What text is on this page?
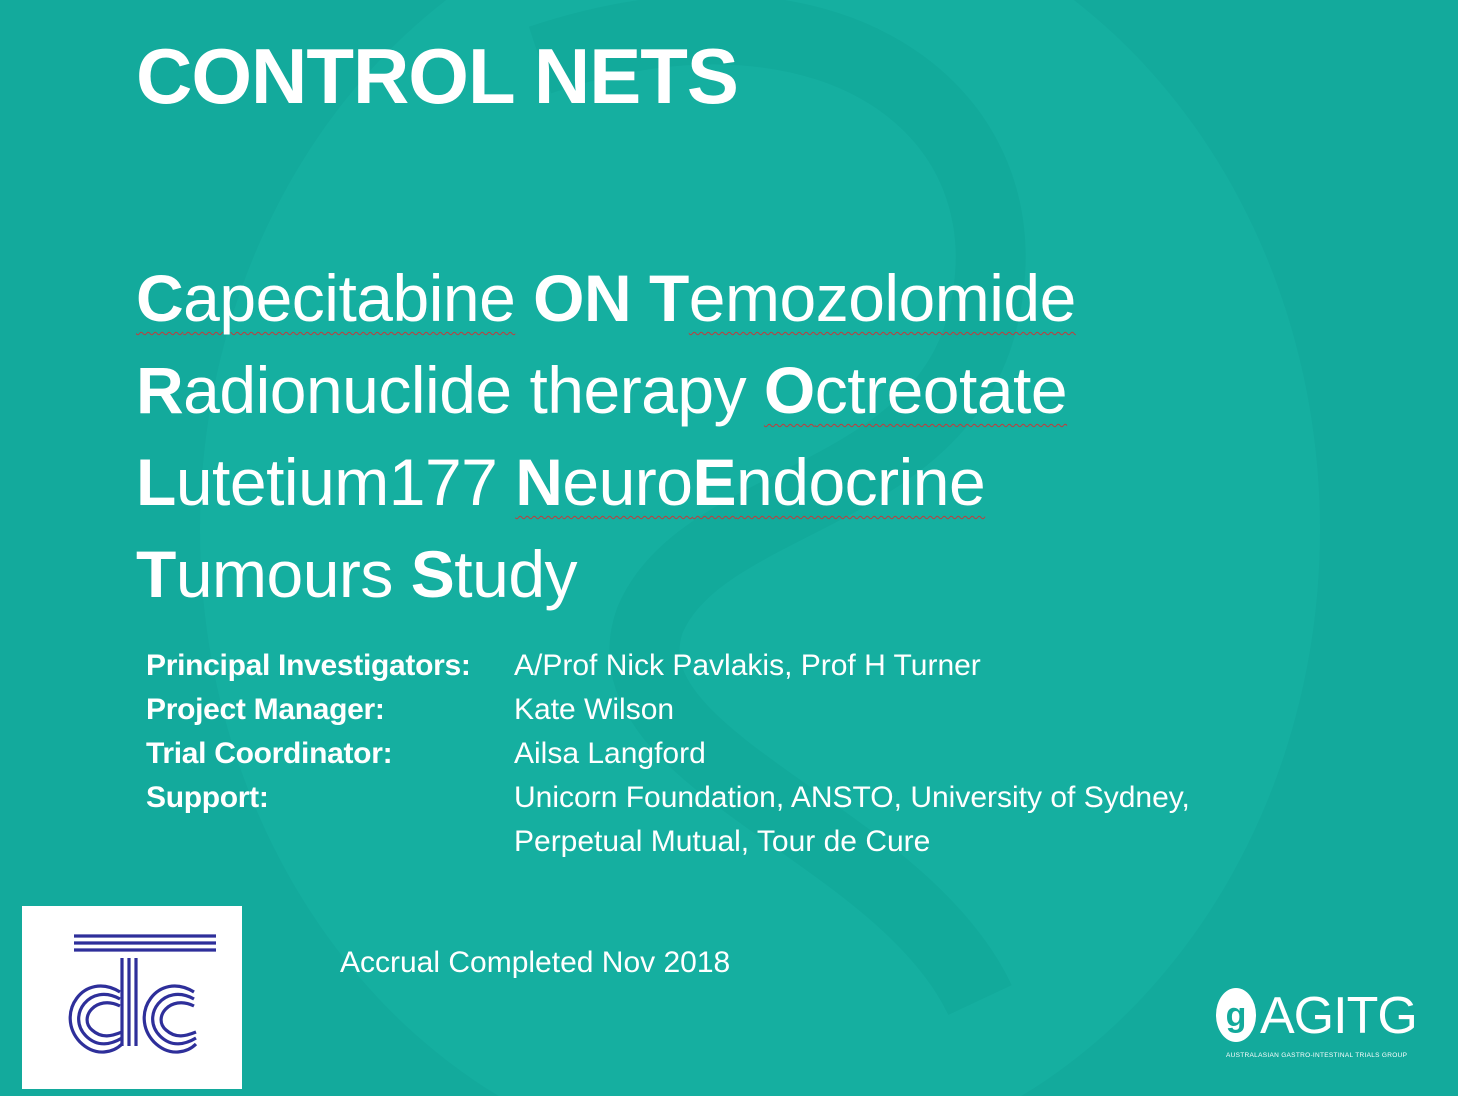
CONTROL NETS
Capecitabine ON Temozolomide
Radionuclide therapy Octreotate
Lutetium177 NeuroEndocrine
Tumours Study
Principal Investigators:	A/Prof Nick Pavlakis, Prof H Turner
Project Manager:	Kate Wilson
Trial Coordinator:	Ailsa Langford
Support:	Unicorn Foundation, ANSTO, University of Sydney,
	Perpetual Mutual, Tour de Cure
Accrual Completed Nov 2018
g AGITG
AUSTRALASIAN GASTRO-INTESTINAL TRIALS GROUP
